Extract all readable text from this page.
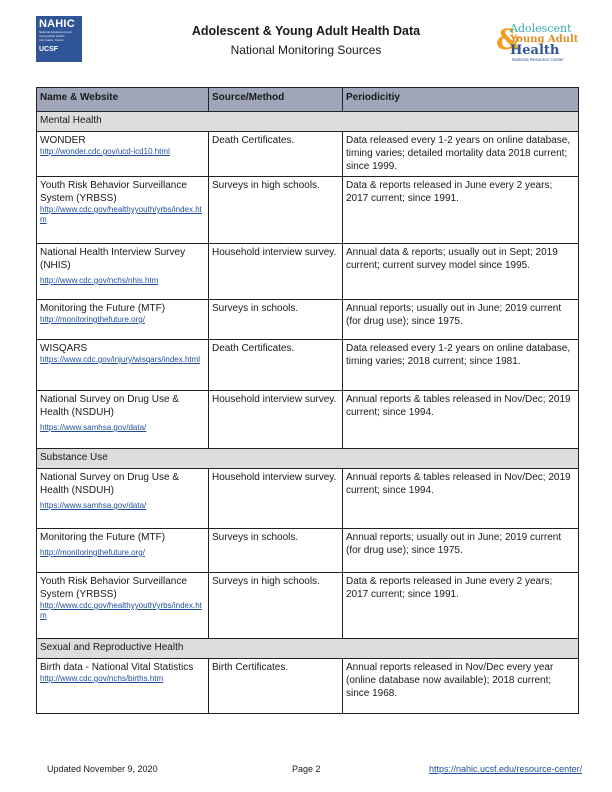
NAHIC
National Adolescent and Young Adult Health Information Center
UCSF
Adolescent & Young Adult Health Data
National Monitoring Sources	&
Adolescent
Young Adult
Health
National Resource Center
Name & Website	Source/Method	Periodicitiy
Mental Health		

WONDER
http://wonder.cdc.gov/ucd-icd10.html	Death Certificates.	Data released every 1-2 years on online database, timing varies; detailed mortality data 2018 current; since 1999.

Youth Risk Behavior Surveillance System (YRBSS)
http://www.cdc.gov/healthyyouth/yrbs/index.htm	Surveys in high schools.	Data & reports released in June every 2 years; 2017 current; since 1991.

National Health Interview Survey (NHIS)
http://www.cdc.gov/nchs/nhis.htm	Household interview survey.	Annual data & reports; usually out in Sept; 2019 current; current survey model since 1995.

Monitoring the Future (MTF)
http://monitoringthefuture.org/	Surveys in schools.	Annual reports; usually out in June; 2019 current (for drug use); since 1975.

WISQARS
https://www.cdc.gov/injury/wisqars/index.html	Death Certificates.	Data released every 1-2 years on online database, timing varies; 2018 current; since 1981.

National Survey on Drug Use & Health (NSDUH)
https://www.samhsa.gov/data/	Household interview survey.	Annual reports & tables released in Nov/Dec; 2019 current; since 1994.
Substance Use		

National Survey on Drug Use & Health (NSDUH)
https://www.samhsa.gov/data/	Household interview survey.	Annual reports & tables released in Nov/Dec; 2019 current; since 1994.

Monitoring the Future (MTF)
http://monitoringthefuture.org/	Surveys in schools.	Annual reports; usually out in June; 2019 current (for drug use); since 1975.

Youth Risk Behavior Surveillance System (YRBSS)
http://www.cdc.gov/healthyyouth/yrbs/index.htm	Surveys in high schools.	Data & reports released in June every 2 years; 2017 current; since 1991.
Sexual and Reproductive Health		

Birth data - National Vital Statistics
http://www.cdc.gov/nchs/births.htm	Birth Certificates.	Annual reports released in Nov/Dec every year (online database now available); 2018 current; since 1968.
Updated November 9, 2020	Page 2	https://nahic.ucsf.edu/resource-center/
